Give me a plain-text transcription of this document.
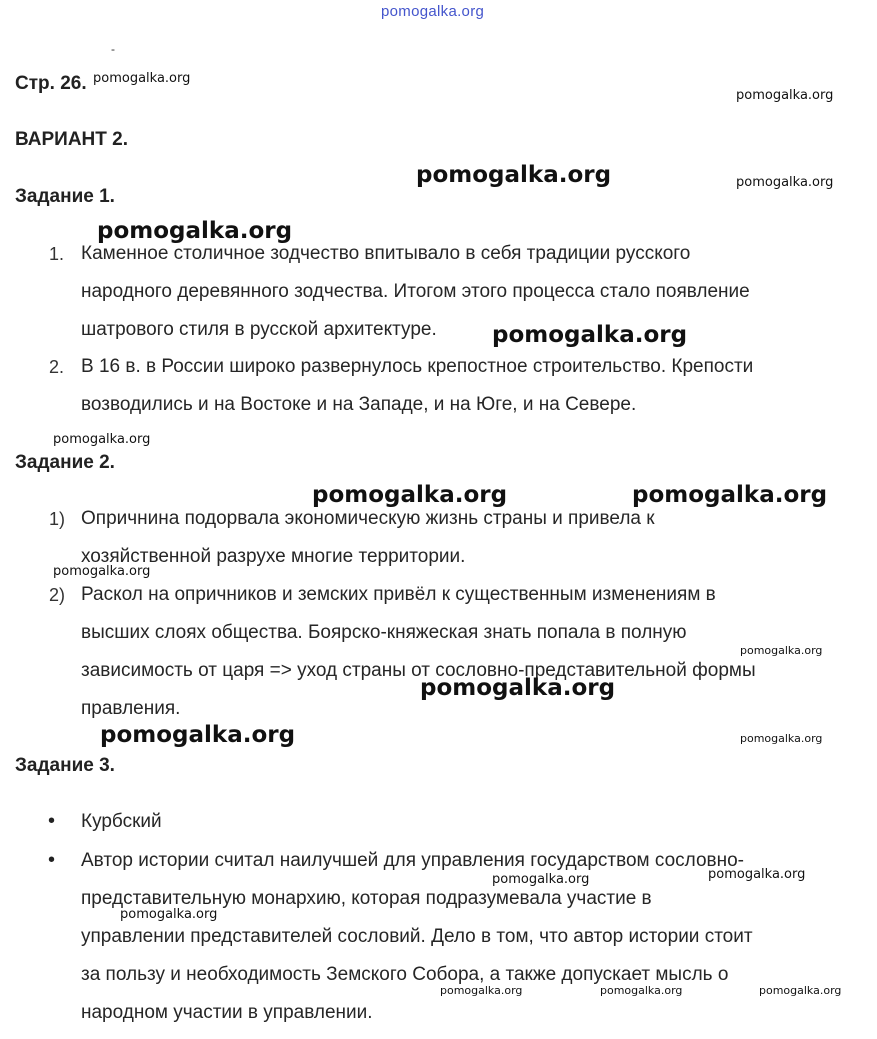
pomogalka.org
-
Стр. 26.
ВАРИАНТ 2.
Задание 1.
1. Каменное столичное зодчество впитывало в себя традиции русского
народного деревянного зодчества. Итогом этого процесса стало появление
шатрового стиля в русской архитектуре.
2. В 16 в. в России широко развернулось крепостное строительство. Крепости
возводились и на Востоке и на Западе, и на Юге, и на Севере.
Задание 2.
1) Опричнина подорвала экономическую жизнь страны и привела к
хозяйственной разрухе многие территории.
2) Раскол на опричников и земских привёл к существенным изменениям в
высших слоях общества. Боярско-княжеская знать попала в полную
зависимость от царя => уход страны от сословно-представительной формы
правления.
Задание 3.
• Курбский
• Автор истории считал наилучшей для управления государством сословно-
представительную монархию, которая подразумевала участие в
управлении представителей сословий. Дело в том, что автор истории стоит
за пользу и необходимость Земского Собора, а также допускает мысль о
народном участии в управлении.
pomogalka.org
pomogalka.org
pomogalka.org	pomogalka.org
pomogalka.org
pomogalka.org
pomogalka.org
pomogalka.org	pomogalka.org
pomogalka.org
pomogalka.org
pomogalka.org
pomogalka.org	pomogalka.org
pomogalka.org
pomogalka.org
pomogalka.org
pomogalka.org	pomogalka.org	pomogalka.org
